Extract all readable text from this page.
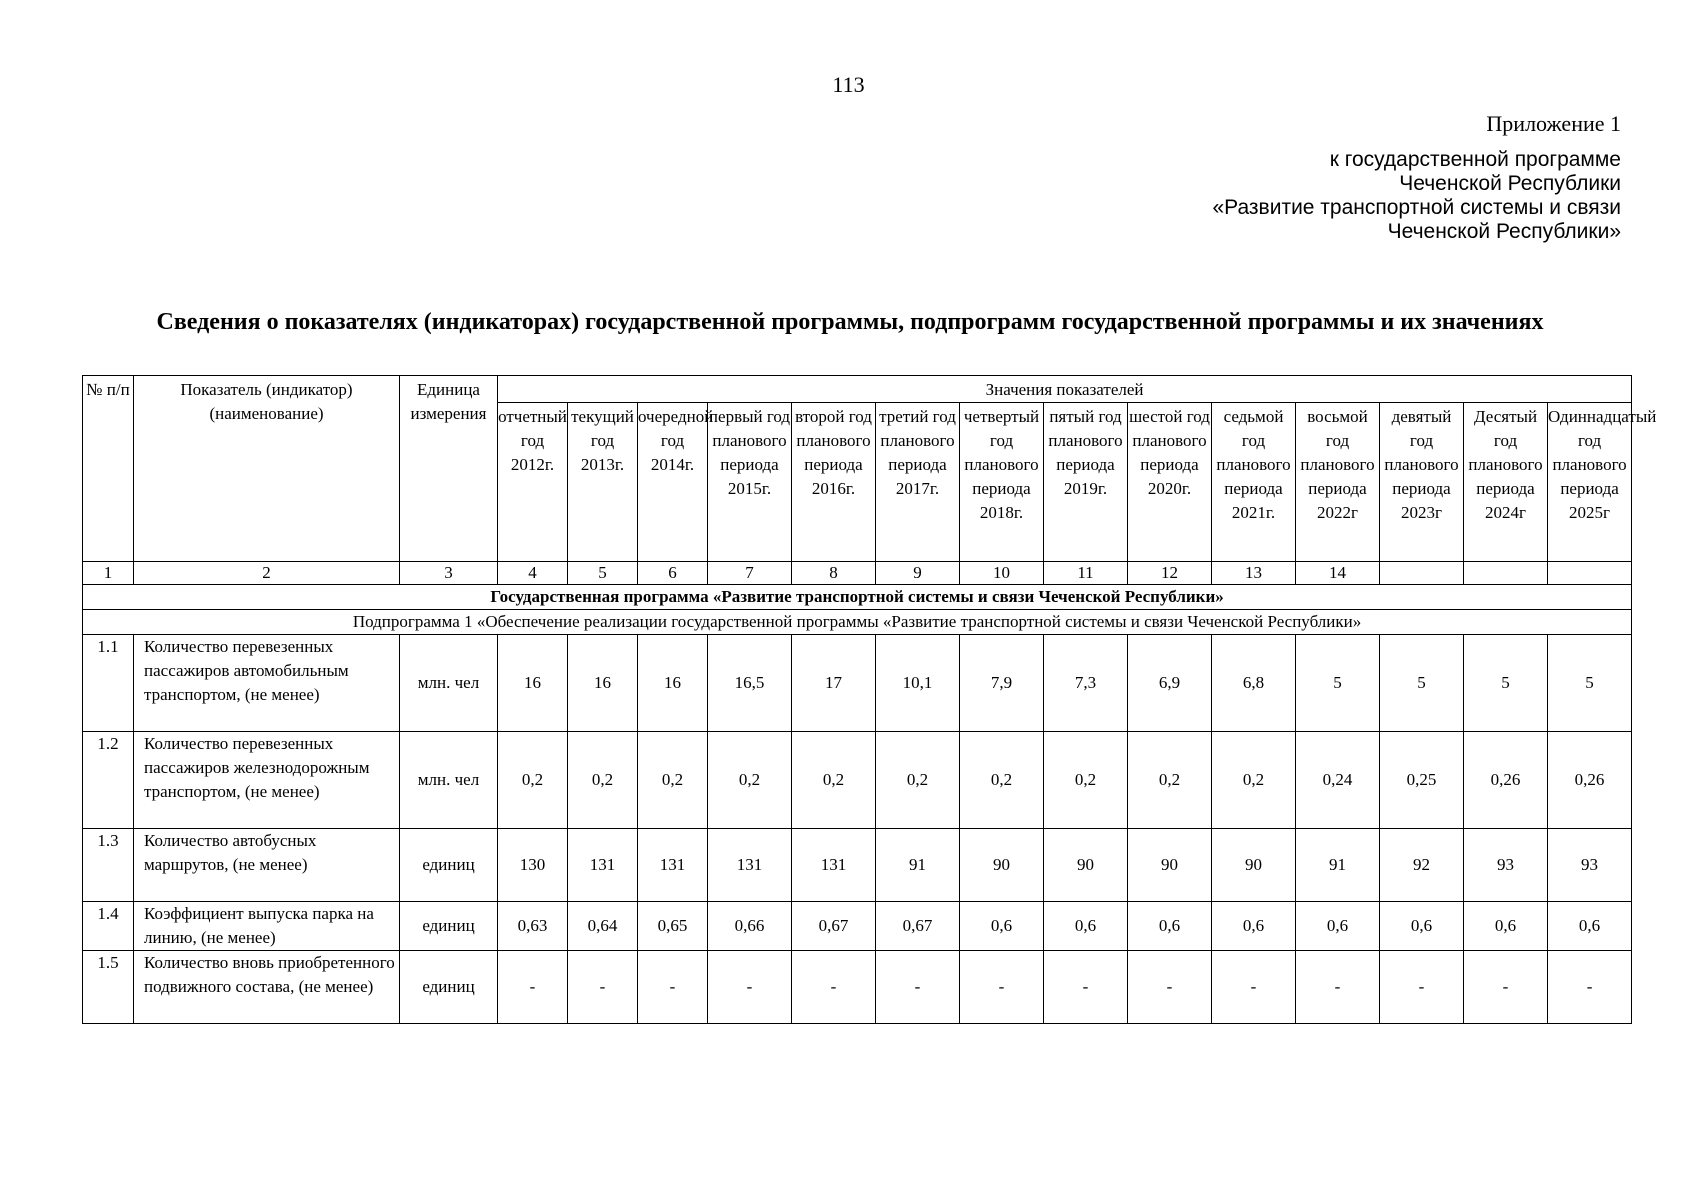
113
Приложение 1
к государственной программе
Чеченской Республики
«Развитие транспортной системы и связи
Чеченской Республики»
Сведения о показателях (индикаторах) государственной программы, подпрограмм государственной программы и их значениях
№ п/п	Показатель (индикатор) (наименование)	Единица измерения	Значения показателей													
			отчетный год 2012г.	текущий год 2013г.	очередной год 2014г.	первый год планового периода 2015г.	второй год планового периода 2016г.	третий год планового периода 2017г.	четвертый год планового периода 2018г.	пятый год планового периода 2019г.	шестой год планового периода 2020г.	седьмой год планового периода 2021г.	восьмой год планового периода 2022г	девятый год планового периода 2023г	Десятый год планового периода 2024г	Одиннадцатый год планового периода 2025г
1	2	3	4	5	6	7	8	9	10	11	12	13	14			
Государственная программа «Развитие транспортной системы и связи Чеченской Республики»																
Подпрограмма 1 «Обеспечение реализации государственной программы «Развитие транспортной системы и связи Чеченской Республики»																
1.1	Количество перевезенных пассажиров автомобильным транспортом, (не менее)	млн. чел	16	16	16	16,5	17	10,1	7,9	7,3	6,9	6,8	5	5	5	5
1.2	Количество перевезенных пассажиров железнодорожным транспортом, (не менее)	млн. чел	0,2	0,2	0,2	0,2	0,2	0,2	0,2	0,2	0,2	0,2	0,24	0,25	0,26	0,26
1.3	Количество автобусных маршрутов, (не менее)	единиц	130	131	131	131	131	91	90	90	90	90	91	92	93	93
1.4	Коэффициент выпуска парка на линию, (не менее)	единиц	0,63	0,64	0,65	0,66	0,67	0,67	0,6	0,6	0,6	0,6	0,6	0,6	0,6	0,6
1.5	Количество вновь приобретенного подвижного состава, (не менее)	единиц	-	-	-	-	-	-	-	-	-	-	-	-	-	-
